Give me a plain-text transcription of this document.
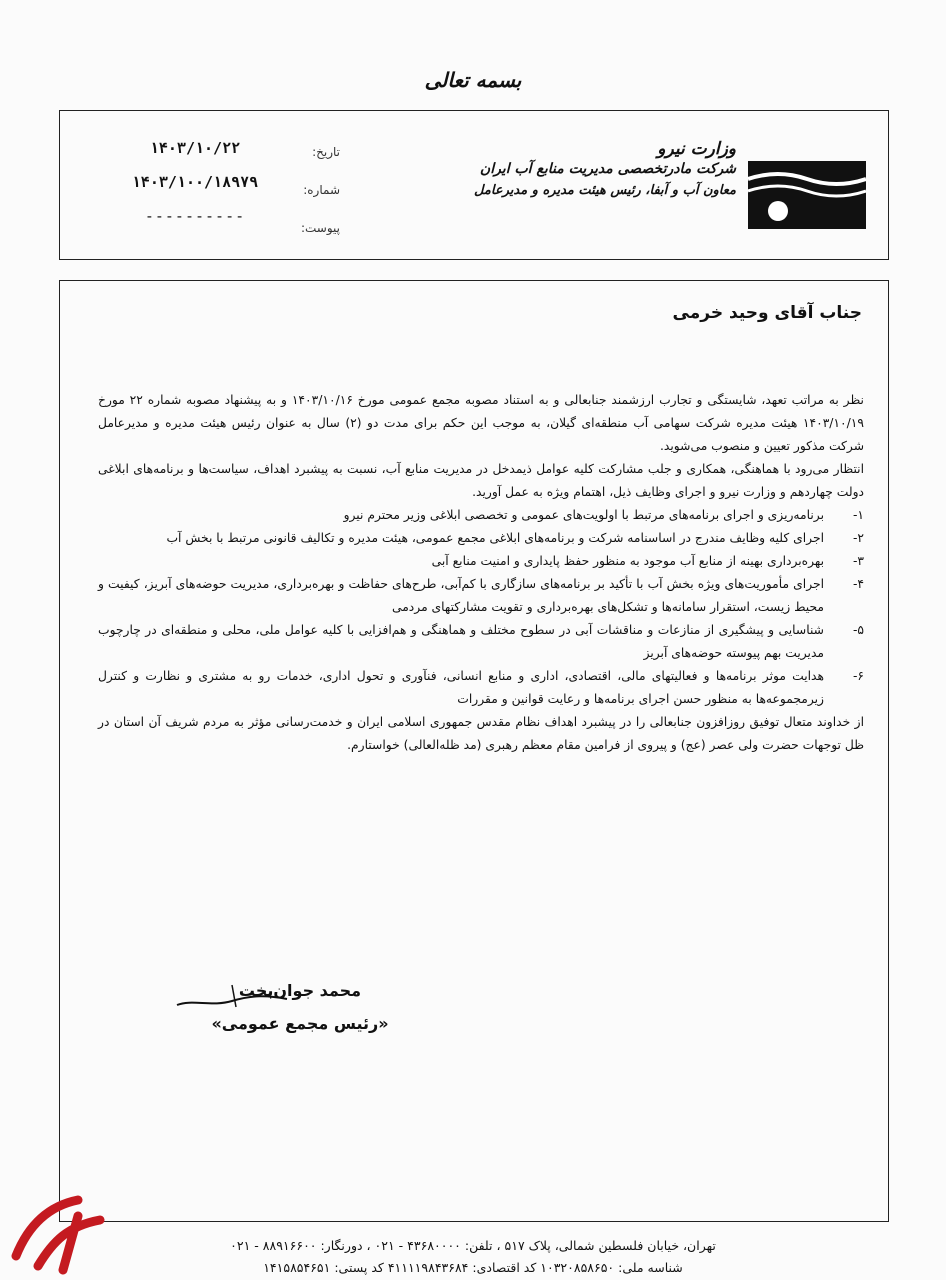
بسمه تعالی
وزارت نیرو
شرکت مادرتخصصی مدیریت منابع آب ایران
معاون آب و آبفا، رئیس هیئت مدیره و مدیرعامل
تاریخ:
شماره:
پیوست:
۱۴۰۳/۱۰/۲۲
۱۴۰۳/۱۰۰/۱۸۹۷۹
----------
جناب آقای وحید خرمی

نظر به مراتب تعهد، شایستگی و تجارب ارزشمند جنابعالی و به استناد مصوبه مجمع عمومی مورخ ۱۴۰۳/۱۰/۱۶ و به پیشنهاد مصوبه شماره ۲۲ مورخ ۱۴۰۳/۱۰/۱۹ هیئت مدیره شرکت سهامی آب منطقه‌ای گیلان، به موجب این حکم برای مدت دو (۲) سال به عنوان رئیس هیئت مدیره و مدیرعامل شرکت مذکور تعیین و منصوب می‌شوید.

انتظار می‌رود با هماهنگی، همکاری و جلب مشارکت کلیه عوامل ذیمدخل در مدیریت منابع آب، نسبت به پیشبرد اهداف، سیاست‌ها و برنامه‌های ابلاغی دولت چهاردهم و وزارت نیرو و اجرای وظایف ذیل، اهتمام ویژه به عمل آورید.

۱-
برنامه‌ریزی و اجرای برنامه‌های مرتبط با اولویت‌های عمومی و تخصصی ابلاغی وزیر محترم نیرو
۲-
اجرای کلیه وظایف مندرج در اساسنامه شرکت و برنامه‌های ابلاغی مجمع عمومی، هیئت مدیره و تکالیف قانونی مرتبط با بخش آب
۳-
بهره‌برداری بهینه از منابع آب موجود به منظور حفظ پایداری و امنیت منابع آبی
۴-
اجرای مأموریت‌های ویژه بخش آب با تأکید بر برنامه‌های سازگاری با کم‌آبی، طرح‌های حفاظت و بهره‌برداری، مدیریت حوضه‌های آبریز، کیفیت و محیط زیست، استقرار سامانه‌ها و تشکل‌های بهره‌برداری و تقویت مشارکتهای مردمی
۵-
شناسایی و پیشگیری از منازعات و مناقشات آبی در سطوح مختلف و هماهنگی و هم‌افزایی با کلیه عوامل ملی، محلی و منطقه‌ای در چارچوب مدیریت بهم پیوسته حوضه‌های آبریز
۶-
هدایت موثر برنامه‌ها و فعالیتهای مالی، اقتصادی، اداری و منابع انسانی، فنآوری و تحول اداری، خدمات رو به مشتری و نظارت و کنترل زیرمجموعه‌ها به منظور حسن اجرای برنامه‌ها و رعایت قوانین و مقررات

از خداوند متعال توفیق روزافزون جنابعالی را در پیشبرد اهداف نظام مقدس جمهوری اسلامی ایران و خدمت‌رسانی مؤثر به مردم شریف آن استان در ظل توجهات حضرت ولی عصر (عج) و پیروی از فرامین مقام معظم رهبری (مد ظله‌العالی) خواستارم.

محمد جوان‌بخت
«رئیس مجمع عمومی»
تهران، خیابان فلسطین شمالی، پلاک ۵۱۷ ، تلفن: ۴۳۶۸۰۰۰۰ - ۰۲۱ ، دورنگار: ۸۸۹۱۶۶۰۰ - ۰۲۱
شناسه ملی: ۱۰۳۲۰۸۵۸۶۵۰ کد اقتصادی: ۴۱۱۱۱۹۸۴۳۶۸۴ کد پستی: ۱۴۱۵۸۵۴۶۵۱
